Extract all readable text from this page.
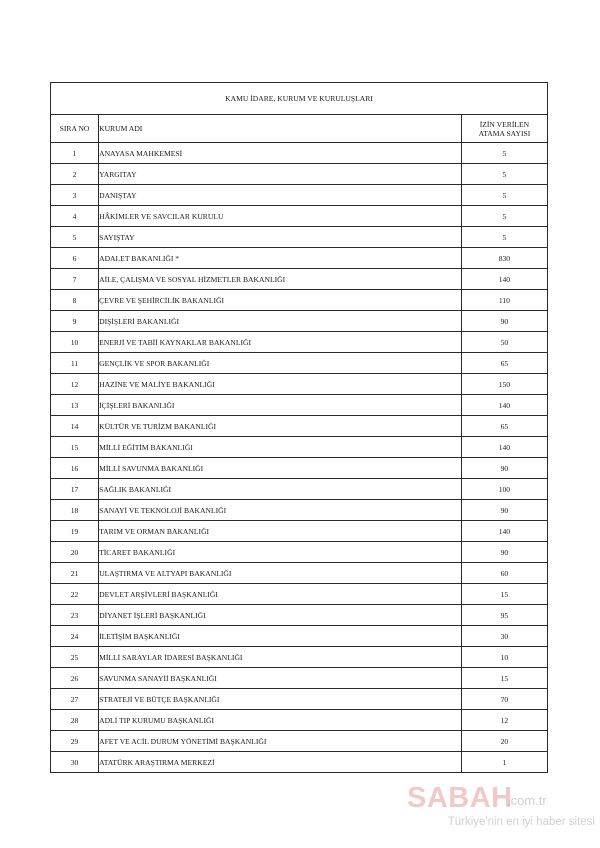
KAMU İDARE, KURUM VE KURULUŞLARI		
SIRA NO	KURUM ADI	İZİN VERİLEN
ATAMA SAYISI
1	ANAYASA MAHKEMESİ	5
2	YARGITAY	5
3	DANIŞTAY	5
4	HÂKİMLER VE SAVCILAR KURULU	5
5	SAYIŞTAY	5
6	ADALET BAKANLIĞI *	830
7	AİLE, ÇALIŞMA VE SOSYAL HİZMETLER BAKANLIĞI	140
8	ÇEVRE VE ŞEHİRCİLİK BAKANLIĞI	110
9	DIŞİŞLERİ BAKANLIĞI	90
10	ENERJİ VE TABİİ KAYNAKLAR BAKANLIĞI	50
11	GENÇLİK VE SPOR BAKANLIĞI	65
12	HAZİNE VE MALİYE BAKANLIĞI	150
13	İÇİŞLERİ BAKANLIĞI	140
14	KÜLTÜR VE TURİZM BAKANLIĞI	65
15	MİLLİ EĞİTİM BAKANLIĞI	140
16	MİLLİ SAVUNMA BAKANLIĞI	90
17	SAĞLIK BAKANLIĞI	100
18	SANAYİ VE TEKNOLOJİ BAKANLIĞI	90
19	TARIM VE ORMAN BAKANLIĞI	140
20	TİCARET BAKANLIĞI	90
21	ULAŞTIRMA VE ALTYAPI BAKANLIĞI	60
22	DEVLET ARŞİVLERİ BAŞKANLIĞI	15
23	DİYANET İŞLERİ BAŞKANLIĞI	95
24	İLETİŞİM BAŞKANLIĞI	30
25	MİLLİ SARAYLAR İDARESİ BAŞKANLIĞI	10
26	SAVUNMA SANAYİİ BAŞKANLIĞI	15
27	STRATEJİ VE BÜTÇE BAŞKANLIĞI	70
28	ADLİ TIP KURUMU BAŞKANLIĞI	12
29	AFET VE ACİL DURUM YÖNETİMİ BAŞKANLIĞI	20
30	ATATÜRK ARAŞTIRMA MERKEZİ	1
SABAH
.com.tr
Türkiye'nin en iyi haber sitesi
